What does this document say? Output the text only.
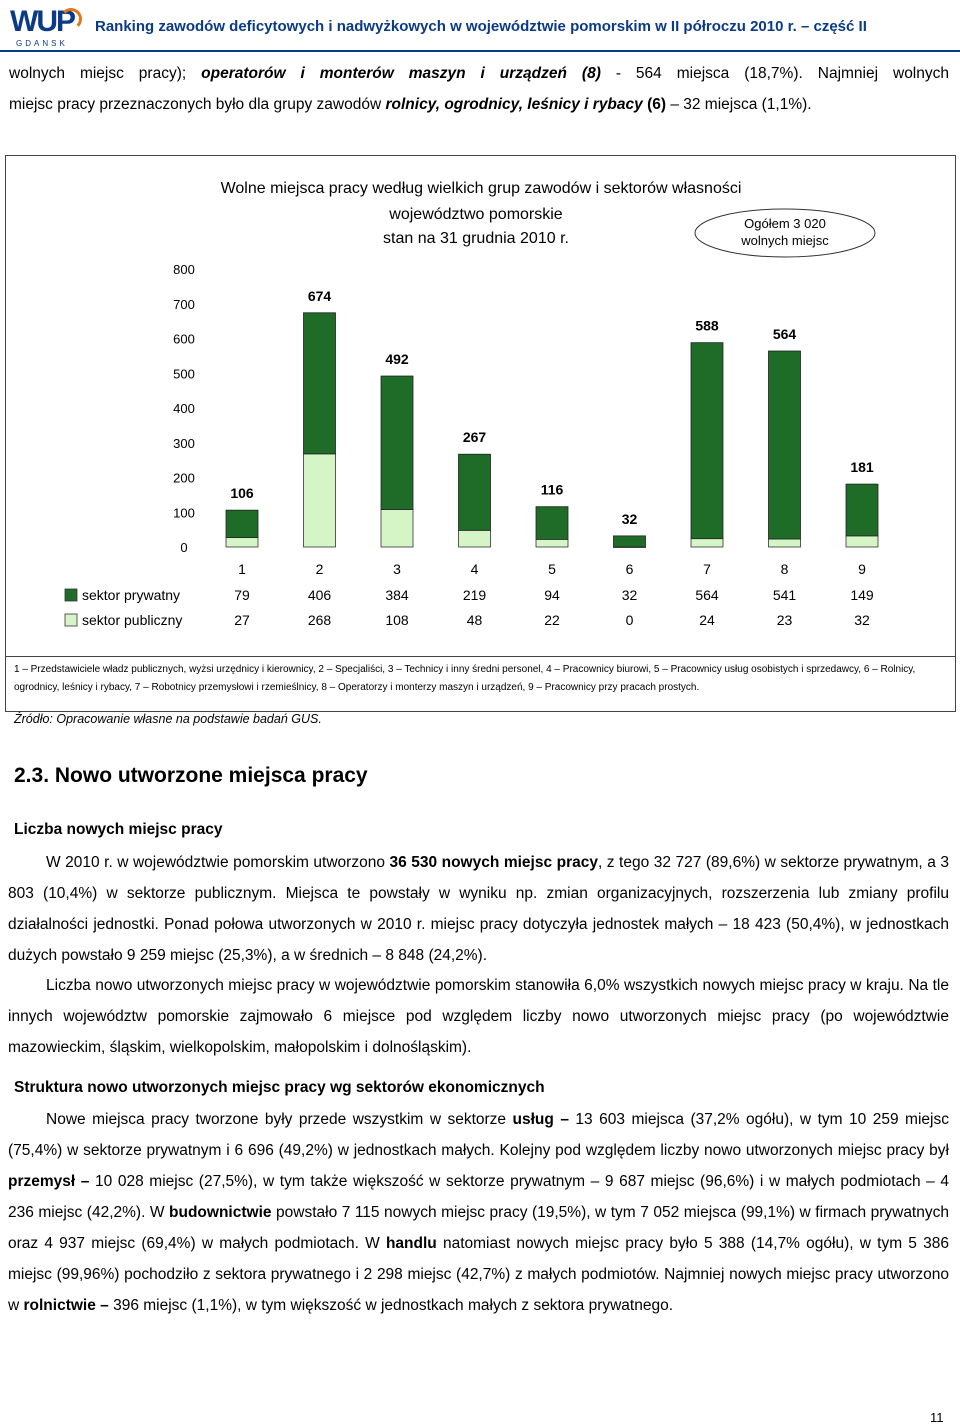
WUP
GDANSK
Ranking zawodów deficytowych i nadwyżkowych w województwie pomorskim w II półroczu 2010 r. – część II
wolnych miejsc pracy); operatorów i monterów maszyn i urządzeń (8) - 564 miejsca (18,7%). Najmniej wolnych
miejsc pracy przeznaczonych było dla grupy zawodów rolnicy, ogrodnicy, leśnicy i rybacy (6) – 32 miejsca (1,1%).
Wolne miejsca pracy według wielkich grup zawodów i sektorów własności
województwo pomorskie
stan na 31 grudnia 2010 r.
Ogółem 3 020
wolnych miejsc
0
100
200
300
400
500
600
700
800
106
1
674
2
492
3
267
4
116
5
32
6
588
7
564
8
181
9
sektor prywatny	79	406	384	219	94	32	564	541	149
sektor publiczny	27	268	108	48	22	0	24	23	32
1 – Przedstawiciele władz publicznych, wyżsi urzędnicy i kierownicy, 2 – Specjaliści, 3 – Technicy i inny średni personel, 4 – Pracownicy biurowi, 5 – Pracownicy usług osobistych i sprzedawcy, 6 – Rolnicy, ogrodnicy, leśnicy i rybacy, 7 – Robotnicy przemysłowi i rzemieślnicy, 8 – Operatorzy i monterzy maszyn i urządzeń, 9 – Pracownicy przy pracach prostych.
Źródło: Opracowanie własne na podstawie badań GUS.
2.3. Nowo utworzone miejsca pracy
Liczba nowych miejsc pracy
W 2010 r. w województwie pomorskim utworzono 36 530 nowych miejsc pracy, z tego 32 727 (89,6%) w sektorze prywatnym, a 3 803 (10,4%) w sektorze publicznym. Miejsca te powstały w wyniku np. zmian organizacyjnych, rozszerzenia lub zmiany profilu działalności jednostki. Ponad połowa utworzonych w 2010 r. miejsc pracy dotyczyła jednostek małych – 18 423 (50,4%), w jednostkach dużych powstało 9 259 miejsc (25,3%), a w średnich – 8 848 (24,2%).
Liczba nowo utworzonych miejsc pracy w województwie pomorskim stanowiła 6,0% wszystkich nowych miejsc pracy w kraju. Na tle innych województw pomorskie zajmowało 6 miejsce pod względem liczby nowo utworzonych miejsc pracy (po województwie mazowieckim, śląskim, wielkopolskim, małopolskim i dolnośląskim).
Struktura nowo utworzonych miejsc pracy wg sektorów ekonomicznych
Nowe miejsca pracy tworzone były przede wszystkim w sektorze usług – 13 603 miejsca (37,2% ogółu), w tym 10 259 miejsc (75,4%) w sektorze prywatnym i 6 696 (49,2%) w jednostkach małych. Kolejny pod względem liczby nowo utworzonych miejsc pracy był przemysł – 10 028 miejsc (27,5%), w tym także większość w sektorze prywatnym – 9 687 miejsc (96,6%) i w małych podmiotach – 4 236 miejsc (42,2%). W budownictwie powstało 7 115 nowych miejsc pracy (19,5%), w tym 7 052 miejsca (99,1%) w firmach prywatnych oraz 4 937 miejsc (69,4%) w małych podmiotach. W handlu natomiast nowych miejsc pracy było 5 388 (14,7% ogółu), w tym 5 386 miejsc (99,96%) pochodziło z sektora prywatnego i 2 298 miejsc (42,7%) z małych podmiotów. Najmniej nowych miejsc pracy utworzono w rolnictwie – 396 miejsc (1,1%), w tym większość w jednostkach małych z sektora prywatnego.
11
